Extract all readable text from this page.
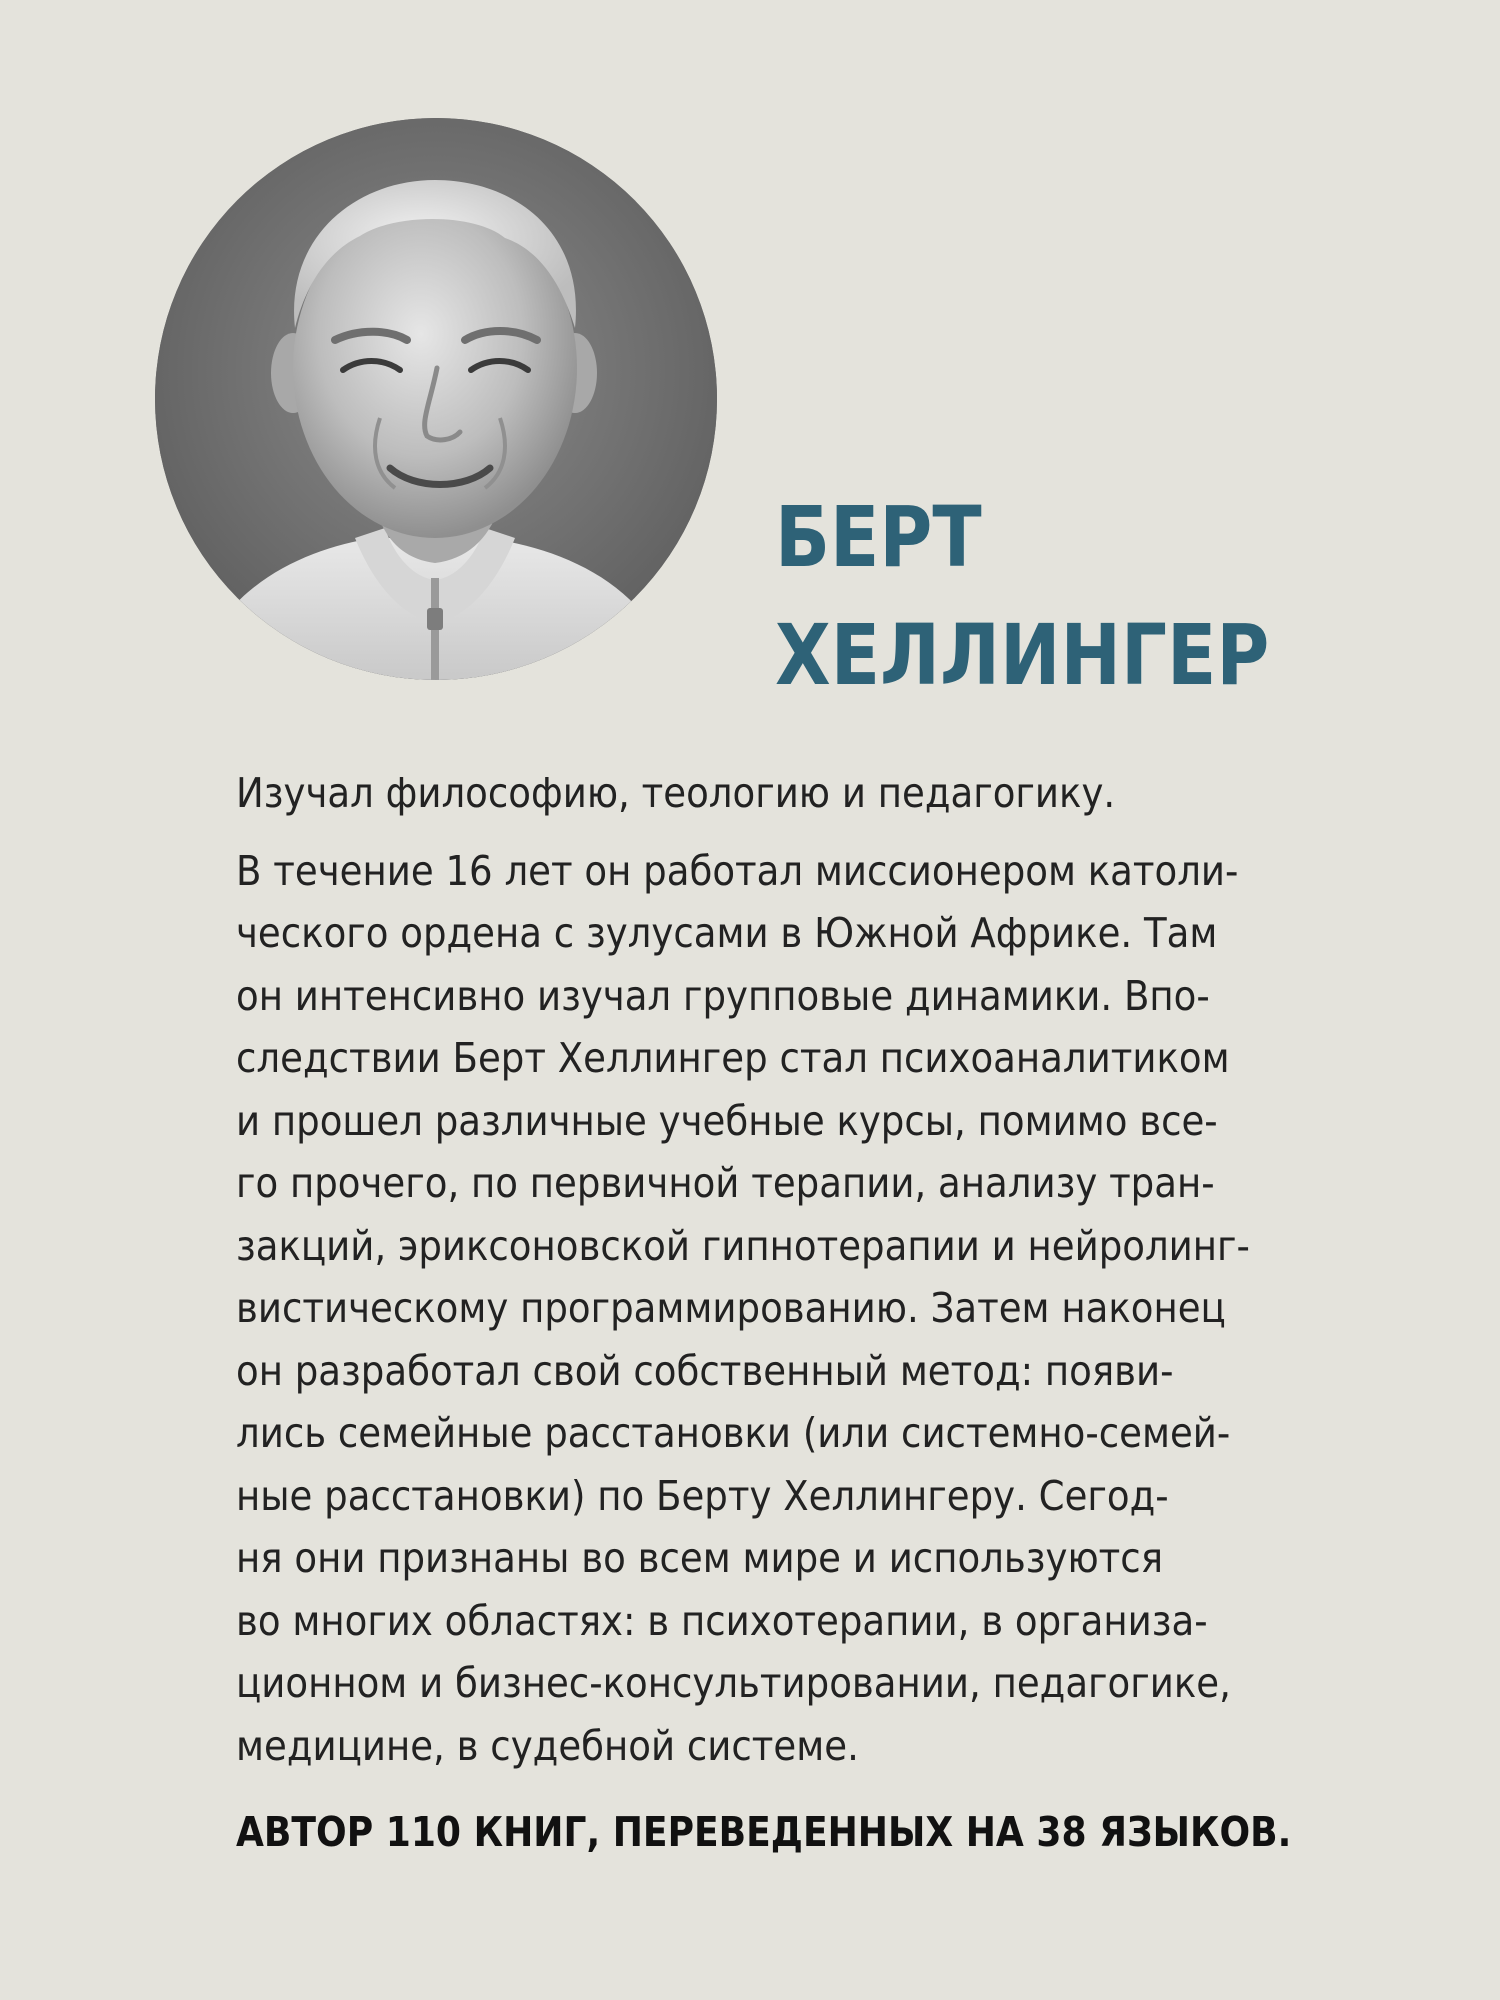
БЕРТ
ХЕЛЛИНГЕР
Изучал философию, теологию и педагогику.
В течение 16 лет он работал миссионером католи-
ческого ордена с зулусами в Южной Африке. Там
он интенсивно изучал групповые динамики. Впо-
следствии Берт Хеллингер стал психоаналитиком
и прошел различные учебные курсы, помимо все-
го прочего, по первичной терапии, анализу тран-
закций, эриксоновской гипнотерапии и нейролинг-
вистическому программированию. Затем наконец
он разработал свой собственный метод: появи-
лись семейные расстановки (или системно-семей-
ные расстановки) по Берту Хеллингеру. Сегод-
ня они признаны во всем мире и используются
во многих областях: в психотерапии, в организа-
ционном и бизнес-консультировании, педагогике,
медицине, в судебной системе.
АВТОР 110 КНИГ, ПЕРЕВЕДЕННЫХ НА 38 ЯЗЫКОВ.
